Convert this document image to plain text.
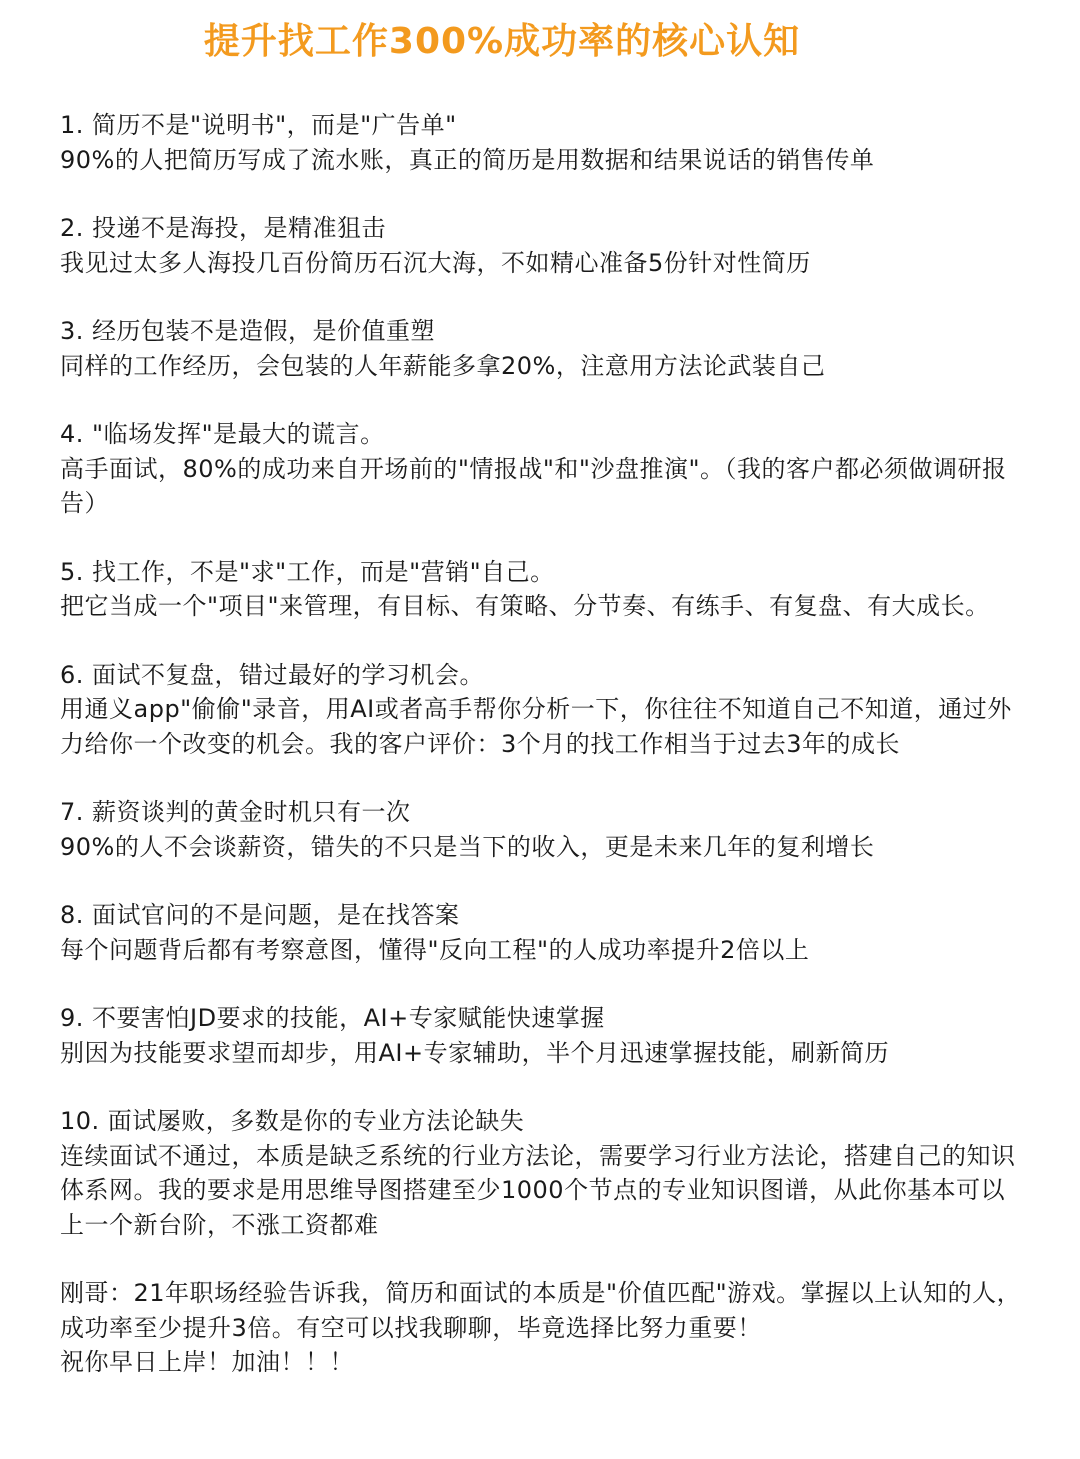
提升找工作300%成功率的核心认知

1. 简历不是"说明书"，而是"广告单"

90%的人把简历写成了流水账，真正的简历是用数据和结果说话的销售传单

2. 投递不是海投，是精准狙击

我见过太多人海投几百份简历石沉大海，不如精心准备5份针对性简历

3. 经历包装不是造假，是价值重塑

同样的工作经历，会包装的人年薪能多拿20%，注意用方法论武装自己

4. "临场发挥"是最大的谎言。

高手面试，80%的成功来自开场前的"情报战"和"沙盘推演"。（我的客户都必须做调研报告）

5. 找工作，不是"求"工作，而是"营销"自己。

把它当成一个"项目"来管理，有目标、有策略、分节奏、有练手、有复盘、有大成长。

6. 面试不复盘，错过最好的学习机会。

用通义app"偷偷"录音，用AI或者高手帮你分析一下，你往往不知道自己不知道，通过外力给你一个改变的机会。我的客户评价：3个月的找工作相当于过去3年的成长

7. 薪资谈判的黄金时机只有一次

90%的人不会谈薪资，错失的不只是当下的收入，更是未来几年的复利增长

8. 面试官问的不是问题，是在找答案

每个问题背后都有考察意图，懂得"反向工程"的人成功率提升2倍以上

9. 不要害怕JD要求的技能，AI+专家赋能快速掌握

别因为技能要求望而却步，用AI+专家辅助，半个月迅速掌握技能，刷新简历

10. 面试屡败，多数是你的专业方法论缺失

连续面试不通过，本质是缺乏系统的行业方法论，需要学习行业方法论，搭建自己的知识体系网。我的要求是用思维导图搭建至少1000个节点的专业知识图谱，从此你基本可以上一个新台阶，不涨工资都难

刚哥：21年职场经验告诉我，简历和面试的本质是"价值匹配"游戏。掌握以上认知的人，成功率至少提升3倍。有空可以找我聊聊，毕竟选择比努力重要！

祝你早日上岸！加油！！！
